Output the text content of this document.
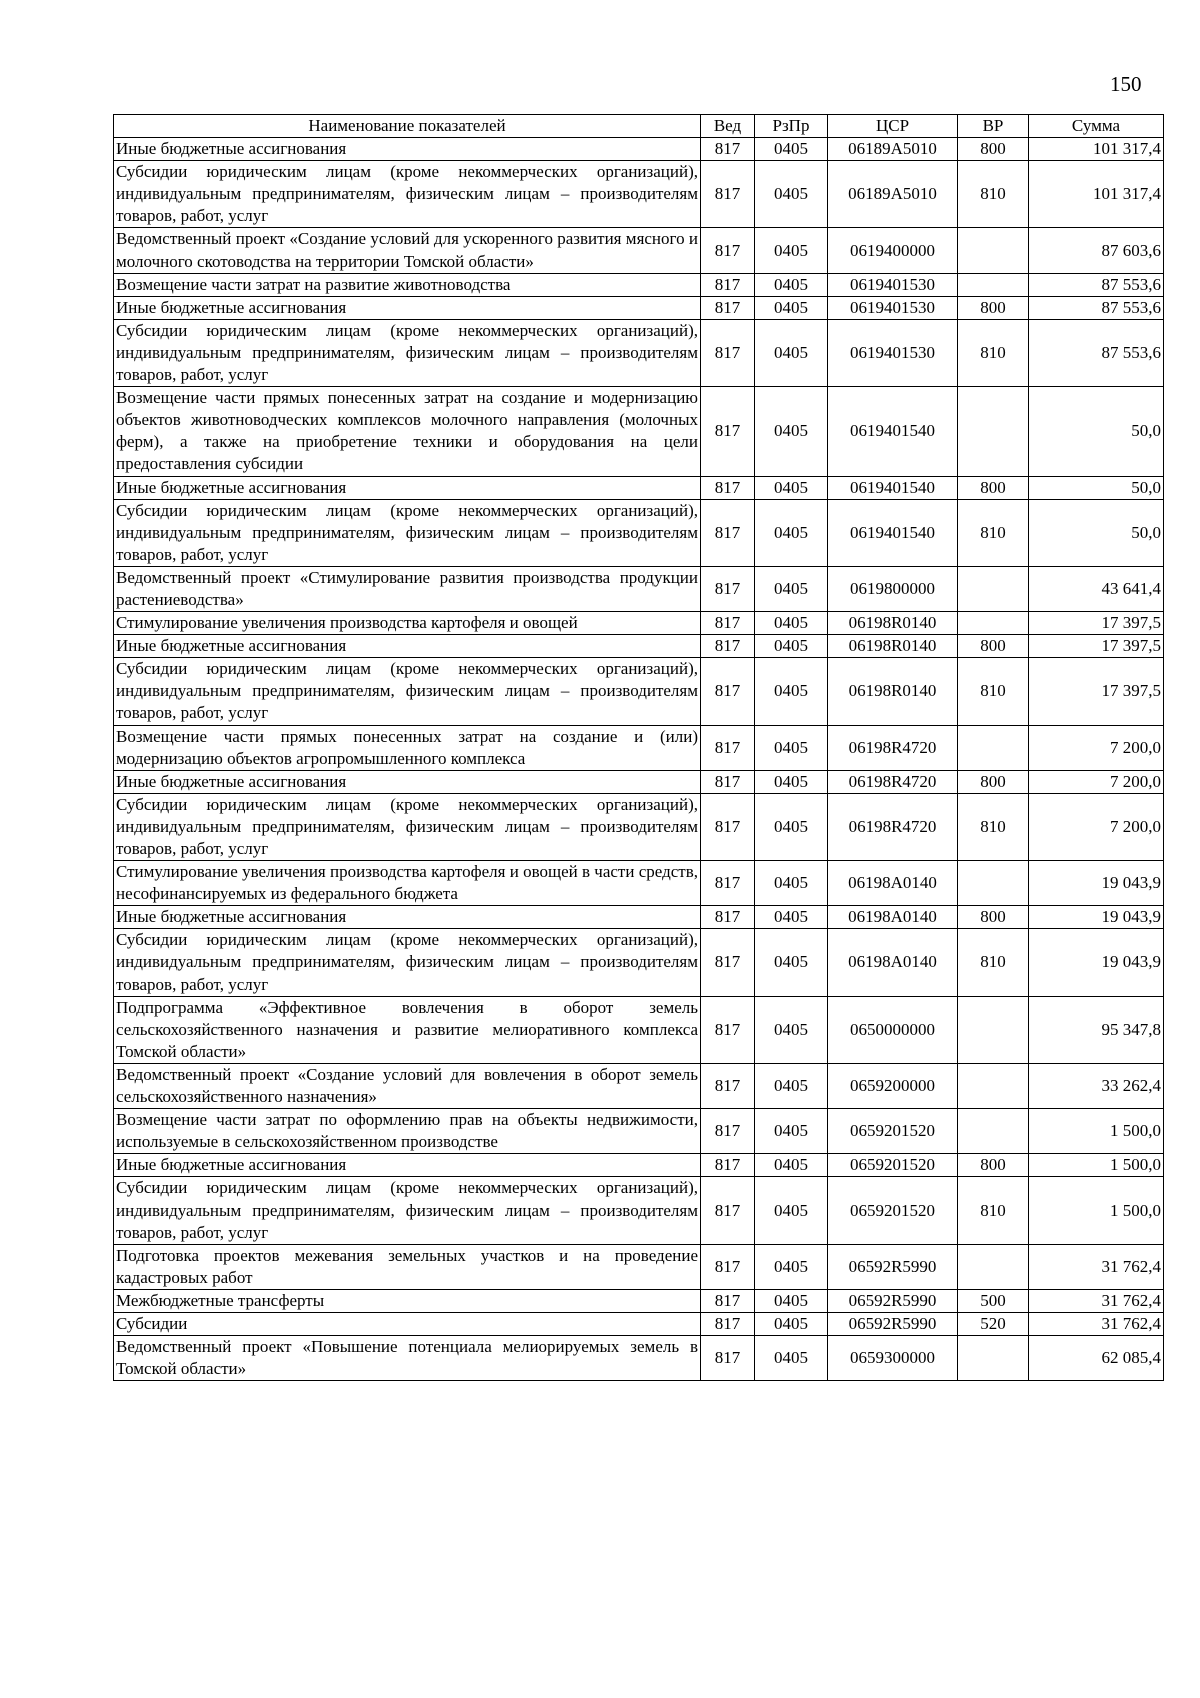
150
Наименование показателей	Вед	РзПр	ЦСР	ВР	Сумма
Иные бюджетные ассигнования	817	0405	06189А5010	800	101 317,4
Субсидии юридическим лицам (кроме некоммерческих организаций), индивидуальным предпринимателям, физическим лицам – производителям товаров, работ, услуг	817	0405	06189А5010	810	101 317,4
Ведомственный проект «Создание условий для ускоренного развития мясного и молочного скотоводства на территории Томской области»	817	0405	0619400000		87 603,6
Возмещение части затрат на развитие животноводства	817	0405	0619401530		87 553,6
Иные бюджетные ассигнования	817	0405	0619401530	800	87 553,6
Субсидии юридическим лицам (кроме некоммерческих организаций), индивидуальным предпринимателям, физическим лицам – производителям товаров, работ, услуг	817	0405	0619401530	810	87 553,6
Возмещение части прямых понесенных затрат на создание и модернизацию объектов животноводческих комплексов молочного направления (молочных ферм), а также на приобретение техники и оборудования на цели предоставления субсидии	817	0405	0619401540		50,0
Иные бюджетные ассигнования	817	0405	0619401540	800	50,0
Субсидии юридическим лицам (кроме некоммерческих организаций), индивидуальным предпринимателям, физическим лицам – производителям товаров, работ, услуг	817	0405	0619401540	810	50,0
Ведомственный проект «Стимулирование развития производства продукции растениеводства»	817	0405	0619800000		43 641,4
Стимулирование увеличения производства картофеля и овощей	817	0405	06198R0140		17 397,5
Иные бюджетные ассигнования	817	0405	06198R0140	800	17 397,5
Субсидии юридическим лицам (кроме некоммерческих организаций), индивидуальным предпринимателям, физическим лицам – производителям товаров, работ, услуг	817	0405	06198R0140	810	17 397,5
Возмещение части прямых понесенных затрат на создание и (или) модернизацию объектов агропромышленного комплекса	817	0405	06198R4720		7 200,0
Иные бюджетные ассигнования	817	0405	06198R4720	800	7 200,0
Субсидии юридическим лицам (кроме некоммерческих организаций), индивидуальным предпринимателям, физическим лицам – производителям товаров, работ, услуг	817	0405	06198R4720	810	7 200,0
Стимулирование увеличения производства картофеля и овощей в части средств, несофинансируемых из федерального бюджета	817	0405	06198А0140		19 043,9
Иные бюджетные ассигнования	817	0405	06198А0140	800	19 043,9
Субсидии юридическим лицам (кроме некоммерческих организаций), индивидуальным предпринимателям, физическим лицам – производителям товаров, работ, услуг	817	0405	06198А0140	810	19 043,9
Подпрограмма «Эффективное вовлечения в оборот земель сельскохозяйственного назначения и развитие мелиоративного комплекса Томской области»	817	0405	0650000000		95 347,8
Ведомственный проект «Создание условий для вовлечения в оборот земель сельскохозяйственного назначения»	817	0405	0659200000		33 262,4
Возмещение части затрат по оформлению прав на объекты недвижимости, используемые в сельскохозяйственном производстве	817	0405	0659201520		1 500,0
Иные бюджетные ассигнования	817	0405	0659201520	800	1 500,0
Субсидии юридическим лицам (кроме некоммерческих организаций), индивидуальным предпринимателям, физическим лицам – производителям товаров, работ, услуг	817	0405	0659201520	810	1 500,0
Подготовка проектов межевания земельных участков и на проведение кадастровых работ	817	0405	06592R5990		31 762,4
Межбюджетные трансферты	817	0405	06592R5990	500	31 762,4
Субсидии	817	0405	06592R5990	520	31 762,4
Ведомственный проект «Повышение потенциала мелиорируемых земель в Томской области»	817	0405	0659300000		62 085,4
